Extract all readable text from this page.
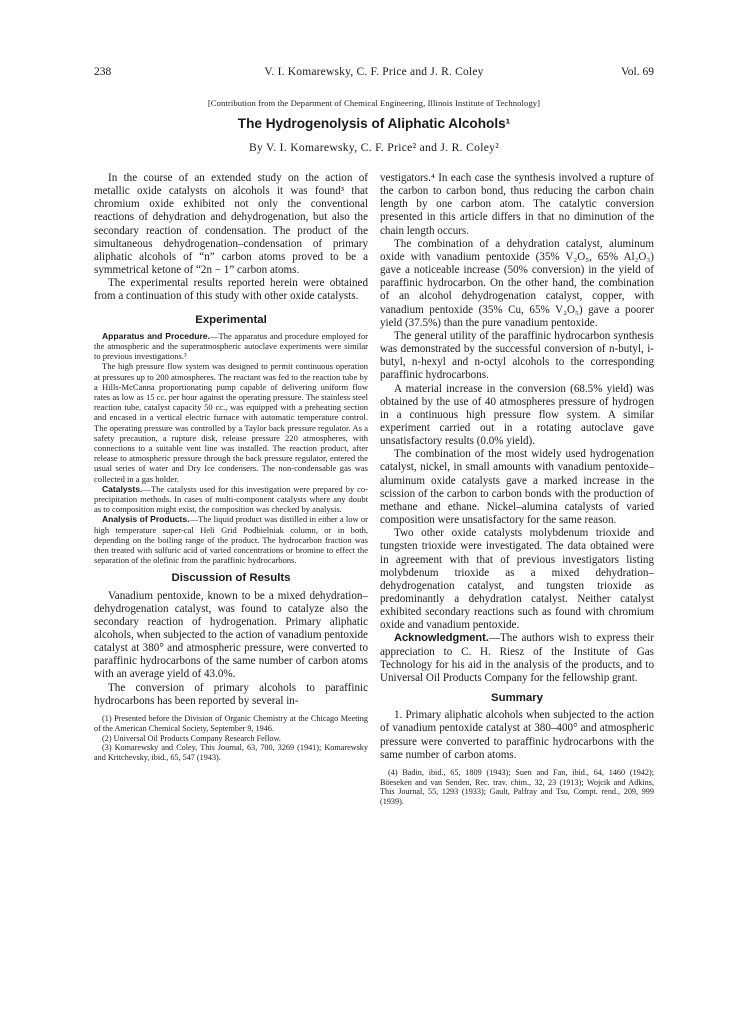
238	V. I. Komarewsky, C. F. Price and J. R. Coley	Vol. 69
[Contribution from the Department of Chemical Engineering, Illinois Institute of Technology]
The Hydrogenolysis of Aliphatic Alcohols¹
By V. I. Komarewsky, C. F. Price² and J. R. Coley²

In the course of an extended study on the action of metallic oxide catalysts on alcohols it was found³ that chromium oxide exhibited not only the conventional reactions of dehydration and dehydrogenation, but also the secondary reaction of condensation. The product of the simultaneous dehydrogenation–condensation of primary aliphatic alcohols of “n” carbon atoms proved to be a symmetrical ketone of “2n − 1” carbon atoms.

The experimental results reported herein were obtained from a continuation of this study with other oxide catalysts.

Experimental

Apparatus and Procedure.—The apparatus and procedure employed for the atmospheric and the superatmospheric autoclave experiments were similar to previous investigations.³

The high pressure flow system was designed to permit continuous operation at pressures up to 200 atmospheres. The reactant was fed to the reaction tube by a Hills-McCanna proportionating pump capable of delivering uniform flow rates as low as 15 cc. per hour against the operating pressure. The stainless steel reaction tube, catalyst capacity 50 cc., was equipped with a preheating section and encased in a vertical electric furnace with automatic temperature control. The operating pressure was controlled by a Taylor back pressure regulator. As a safety precaution, a rupture disk, release pressure 220 atmospheres, with connections to a suitable vent line was installed. The reaction product, after release to atmospheric pressure through the back pressure regulator, entered the usual series of water and Dry Ice condensers. The non-condensable gas was collected in a gas holder.

Catalysts.—The catalysts used for this investigation were prepared by co-precipitation methods. In cases of multi-component catalysts where any doubt as to composition might exist, the composition was checked by analysis.

Analysis of Products.—The liquid product was distilled in either a low or high temperature super-cal Heli Grid Podbielniak column, or in both, depending on the boiling range of the product. The hydrocarbon fraction was then treated with sulfuric acid of varied concentrations or bromine to effect the separation of the olefinic from the paraffinic hydrocarbons.

Discussion of Results

Vanadium pentoxide, known to be a mixed dehydration–dehydrogenation catalyst, was found to catalyze also the secondary reaction of hydrogenation. Primary aliphatic alcohols, when subjected to the action of vanadium pentoxide catalyst at 380° and atmospheric pressure, were converted to paraffinic hydrocarbons of the same number of carbon atoms with an average yield of 43.0%.

The conversion of primary alcohols to paraffinic hydrocarbons has been reported by several in-

(1) Presented before the Division of Organic Chemistry at the Chicago Meeting of the American Chemical Society, September 9, 1946.

(2) Universal Oil Products Company Research Fellow.

(3) Komarewsky and Coley, This Journal, 63, 700, 3269 (1941); Komarewsky and Kritchevsky, ibid., 65, 547 (1943).

vestigators.⁴ In each case the synthesis involved a rupture of the carbon to carbon bond, thus reducing the carbon chain length by one carbon atom. The catalytic conversion presented in this article differs in that no diminution of the chain length occurs.

The combination of a dehydration catalyst, aluminum oxide with vanadium pentoxide (35% V₂O₅, 65% Al₂O₃) gave a noticeable increase (50% conversion) in the yield of paraffinic hydrocarbon. On the other hand, the combination of an alcohol dehydrogenation catalyst, copper, with vanadium pentoxide (35% Cu, 65% V₂O₅) gave a poorer yield (37.5%) than the pure vanadium pentoxide.

The general utility of the paraffinic hydrocarbon synthesis was demonstrated by the successful conversion of n-butyl, i-butyl, n-hexyl and n-octyl alcohols to the corresponding paraffinic hydrocarbons.

A material increase in the conversion (68.5% yield) was obtained by the use of 40 atmospheres pressure of hydrogen in a continuous high pressure flow system. A similar experiment carried out in a rotating autoclave gave unsatisfactory results (0.0% yield).

The combination of the most widely used hydrogenation catalyst, nickel, in small amounts with vanadium pentoxide–aluminum oxide catalysts gave a marked increase in the scission of the carbon to carbon bonds with the production of methane and ethane. Nickel–alumina catalysts of varied composition were unsatisfactory for the same reason.

Two other oxide catalysts molybdenum trioxide and tungsten trioxide were investigated. The data obtained were in agreement with that of previous investigators listing molybdenum trioxide as a mixed dehydration–dehydrogenation catalyst, and tungsten trioxide as predominantly a dehydration catalyst. Neither catalyst exhibited secondary reactions such as found with chromium oxide and vanadium pentoxide.

Acknowledgment.—The authors wish to express their appreciation to C. H. Riesz of the Institute of Gas Technology for his aid in the analysis of the products, and to Universal Oil Products Company for the fellowship grant.

Summary

1. Primary aliphatic alcohols when subjected to the action of vanadium pentoxide catalyst at 380–400° and atmospheric pressure were converted to paraffinic hydrocarbons with the same number of carbon atoms.

(4) Badin, ibid., 65, 1809 (1943); Suen and Fan, ibid., 64, 1460 (1942); Böeseken and van Senden, Rec. trav. chim., 32, 23 (1913); Wojcik and Adkins, This Journal, 55, 1293 (1933); Gault, Palfray and Tsu, Compt. rend., 209, 999 (1939).
